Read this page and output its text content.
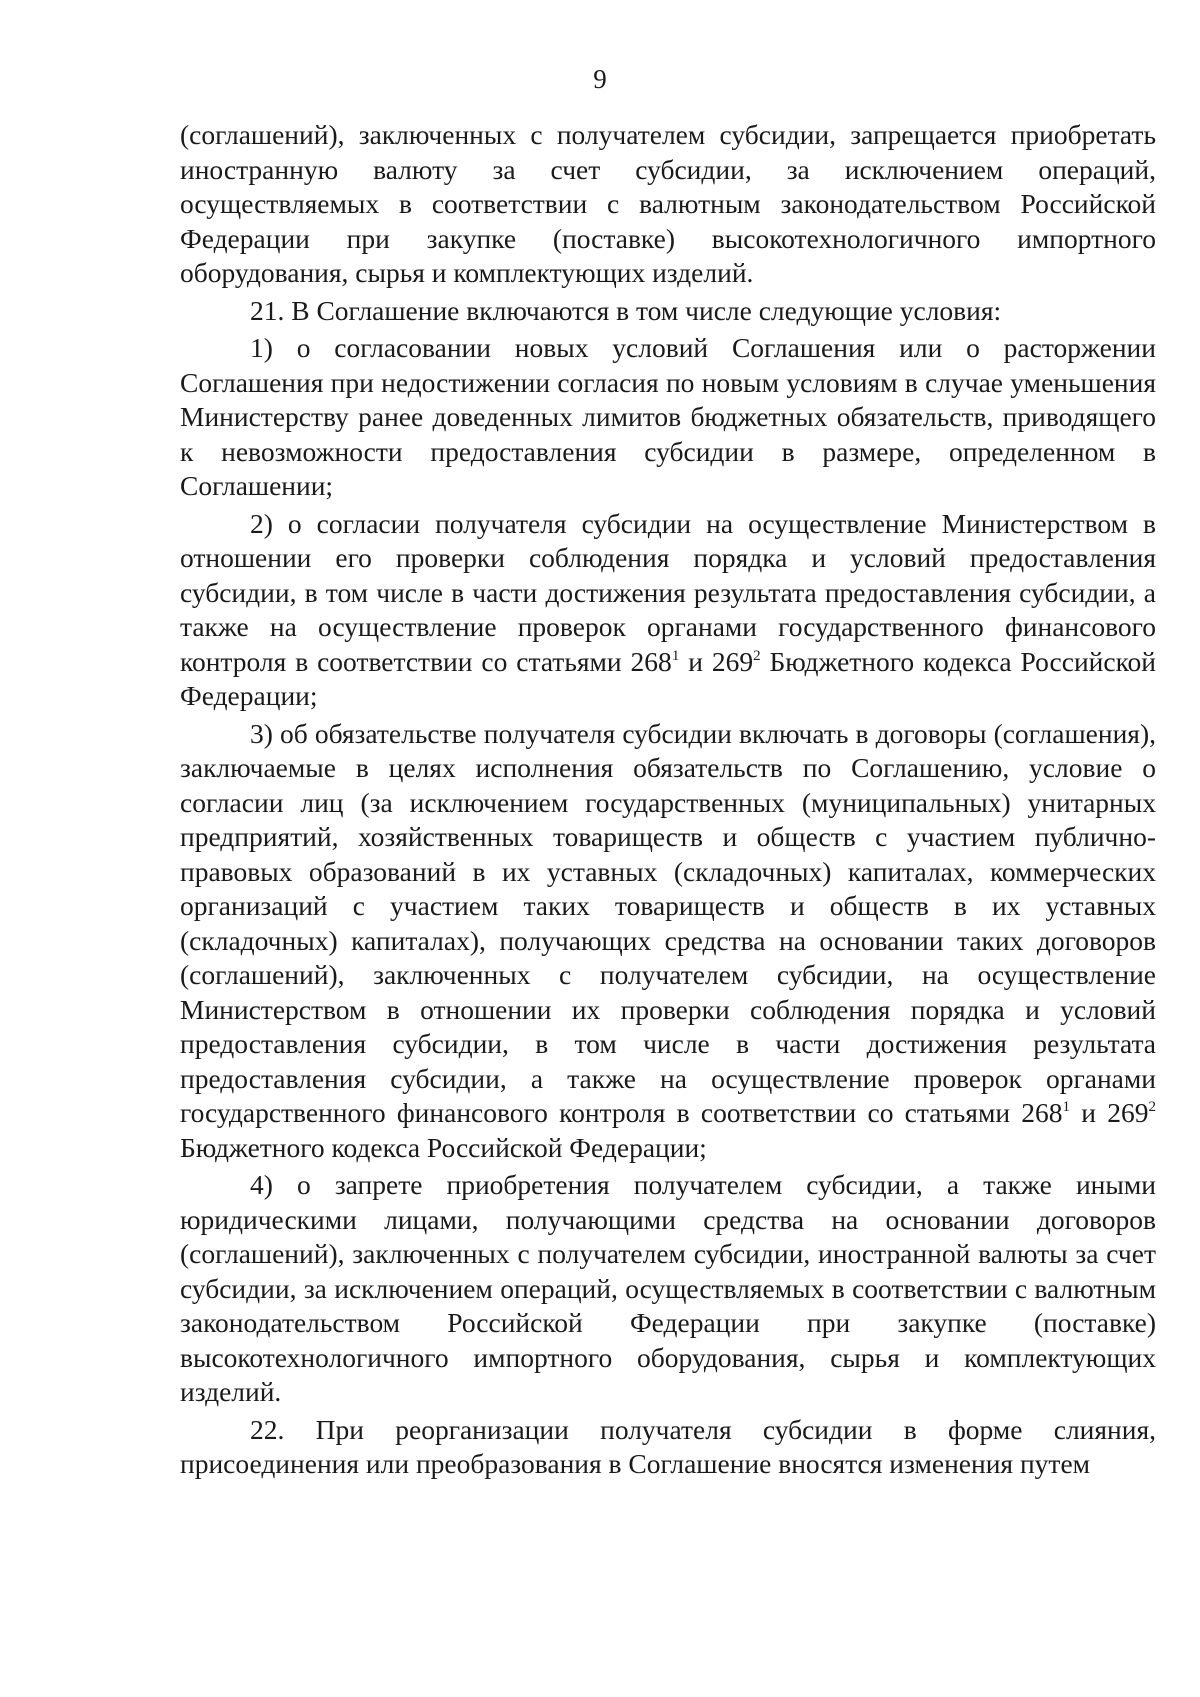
9

(соглашений), заключенных с получателем субсидии, запрещается приобретать иностранную валюту за счет субсидии, за исключением операций, осуществляемых в соответствии с валютным законодательством Российской Федерации при закупке (поставке) высокотехнологичного импортного оборудования, сырья и комплектующих изделий.

21. В Соглашение включаются в том числе следующие условия:

1) о согласовании новых условий Соглашения или о расторжении Соглашения при недостижении согласия по новым условиям в случае уменьшения Министерству ранее доведенных лимитов бюджетных обязательств, приводящего к невозможности предоставления субсидии в размере, определенном в Соглашении;

2) о согласии получателя субсидии на осуществление Министерством в отношении его проверки соблюдения порядка и условий предоставления субсидии, в том числе в части достижения результата предоставления субсидии, а также на осуществление проверок органами государственного финансового контроля в соответствии со статьями $268^1$ и $269^2$ Бюджетного кодекса Российской Федерации;

3) об обязательстве получателя субсидии включать в договоры (соглашения), заключаемые в целях исполнения обязательств по Соглашению, условие о согласии лиц (за исключением государственных (муниципальных) унитарных предприятий, хозяйственных товариществ и обществ с участием публично-правовых образований в их уставных (складочных) капиталах, коммерческих организаций с участием таких товариществ и обществ в их уставных (складочных) капиталах), получающих средства на основании таких договоров (соглашений), заключенных с получателем субсидии, на осуществление Министерством в отношении их проверки соблюдения порядка и условий предоставления субсидии, в том числе в части достижения результата предоставления субсидии, а также на осуществление проверок органами государственного финансового контроля в соответствии со статьями $268^1$ и $269^2$ Бюджетного кодекса Российской Федерации;

4) о запрете приобретения получателем субсидии, а также иными юридическими лицами, получающими средства на основании договоров (соглашений), заключенных с получателем субсидии, иностранной валюты за счет субсидии, за исключением операций, осуществляемых в соответствии с валютным законодательством Российской Федерации при закупке (поставке) высокотехнологичного импортного оборудования, сырья и комплектующих изделий.

22. При реорганизации получателя субсидии в форме слияния, присоединения или преобразования в Соглашение вносятся изменения путем
